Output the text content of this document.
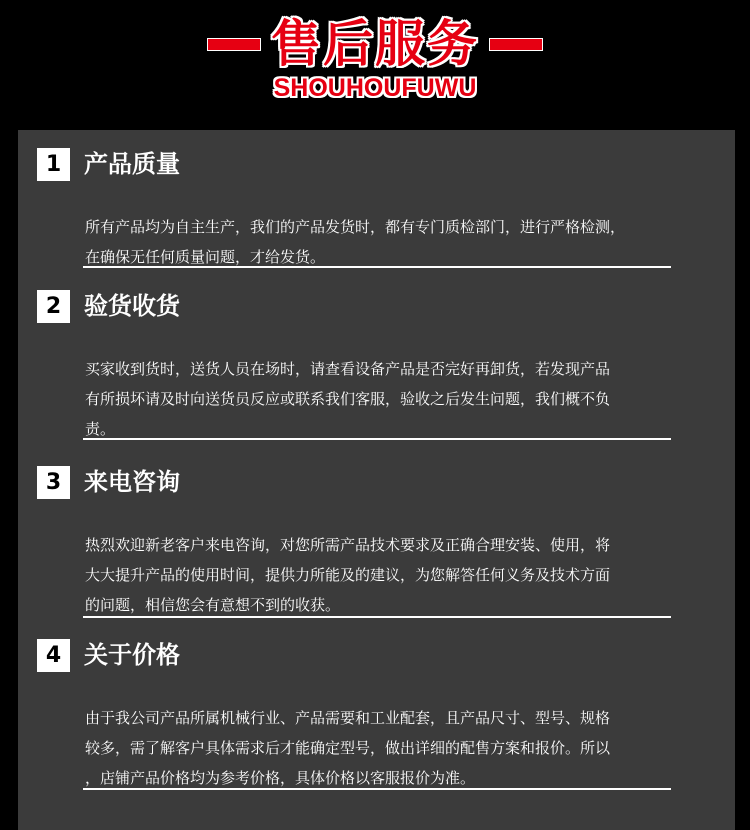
售后服务
SHOUHOUFUWU
1 产品质量
所有产品均为自主生产，我们的产品发货时，都有专门质检部门，进行严格检测，
在确保无任何质量问题，才给发货。
2 验货收货
买家收到货时，送货人员在场时，请查看设备产品是否完好再卸货，若发现产品
有所损坏请及时向送货员反应或联系我们客服，验收之后发生问题，我们概不负
责。
3 来电咨询
热烈欢迎新老客户来电咨询，对您所需产品技术要求及正确合理安装、使用，将
大大提升产品的使用时间，提供力所能及的建议，为您解答任何义务及技术方面
的问题，相信您会有意想不到的收获。
4 关于价格
由于我公司产品所属机械行业、产品需要和工业配套，且产品尺寸、型号、规格
较多，需了解客户具体需求后才能确定型号，做出详细的配售方案和报价。所以
，店铺产品价格均为参考价格，具体价格以客服报价为准。
